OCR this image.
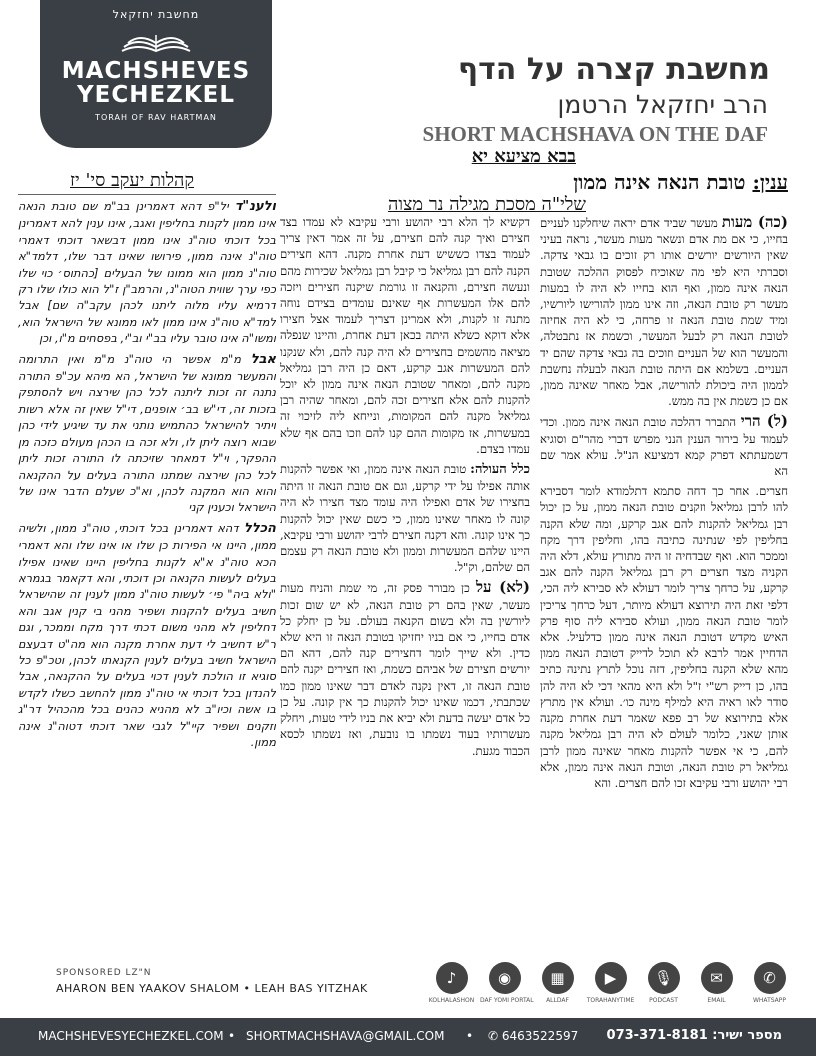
מחשבת יחזקאל
MACHSHEVES
YECHEZKEL
TORAH OF RAV HARTMAN
מחשבת קצרה על הדף
הרב יחזקאל הרטמן
SHORT MACHSHAVA ON THE DAF
בבא מציעא יא
ענין: טובת הנאה אינה ממון
שלי"ה מסכת מגילה נר מצוה
קהלות יעקב סי' יז

(כה) מעות מעשר שביד אדם יראה שיחלקנו לעניים בחייו, כי אם מת אדם ונשאר מעות מעשר, נראה בעיני שאין היורשים יורשים אותו רק זוכים בו גבאי צדקה. וסברתי היא לפי מה שאוכיח לפסוק ההלכה שטובת הנאה אינה ממון, ואף הוא בחייו לא היה לו במעות מעשר רק טובת הנאה, וזה אינו ממון להורישו ליורשיו, ומיד שמת טובת הנאה זו פרחה, כי לא היה אחיזה לטובת הנאה רק לבעל המעשר, וכשמת אז נתבטלה, והמעשר הוא של העניים וזוכים בה גבאי צדקה שהם יד העניים. בשלמא אם היתה טובת הנאה לבעלה נחשבת לממון היה ביכולת להורישה, אבל מאחר שאינה ממון, אם כן כשמת אין בה ממש.

(ל) הרי התברר דהלכה טובת הנאה אינה ממון. וכדי לעמוד על בירור הענין הנני מפרש דברי מהר"ם וסוגיא דשמעתתא דפרק קמא דמציעא הנ"ל. עולא אמר שם הא

חצרים. אחר כך דחה סתמא דתלמודא לומר דסבירא להו לרבן גמליאל וזקנים טובת הנאה ממון, על כן יכול רבן גמליאל להקנות להם אגב קרקע, ומה שלא הקנה בחליפין לפי שנתינה כתיבה בהו, וחליפין דרך מקח וממכר הוא. ואף שבדחיה זו היה מתורץ עולא, דלא היה הקניה מצד חצרים רק רבן גמליאל הקנה להם אגב קרקע, על כרחך צריך לומר דעולא לא סבירא ליה הכי, דלפי זאת היה תירוצא דעולא מיותר, דעל כרחך צריכין לומר טובת הנאה ממון, ועולא סבירא ליה סוף פרק האיש מקדש דטובת הנאה אינה ממון כדלעיל. אלא הדחיין אמר לרבא לא תוכל לדייק דטובת הנאה ממון מהא שלא הקנה בחליפין, דזה נוכל לתרץ נתינה כתיב בהו, כן דייק רש"י ז"ל ולא היא מהאי דכי לא היה להן סודר לאו ראיה היא למילף מינה כו׳. ועולא אין מתרץ אלא בתירוצא של רב פפא שאמר דעת אחרת מקנה אותן שאני, כלומר לעולם לא היה רבן גמליאל מקנה להם, כי אי אפשר להקנות מאחר שאינה ממון לרבן גמליאל רק טובת הנאה, וטובת הנאה אינה ממון, אלא רבי יהושע ורבי עקיבא זכו להם חצרים. והא

דקשיא לך הלא רבי יהושע ורבי עקיבא לא עמדו בצד חצירם ואיך קנה להם חצירם, על זה אמר דאין צריך לעמוד בצדו כששיש דעת אחרת מקנה. דהא חצירים הקנה להם רבן גמליאל כי קיבל רבן גמליאל שכירות מהם ונעשה חצירם, והקנאה זו גורמת שיקנה חצירים ויזכה להם אלו המעשרות אף שאינם עומדים בצידם נוחה מתנה זו לקנות, ולא אמרינן דצריך לעמוד אצל חצירו אלא דוקא כשלא היתה בכאן דעת אחרת, והיינו שנפלה מציאה מהשמים בחצירים לא היה קנה להם, ולא שנקנו להם המעשרות אגב קרקע, דאם כן היה רבן גמליאל מקנה להם, ומאחר שטובת הנאה אינה ממון לא יוכל להקנות להם אלא חצירים זכה להם, ומאחר שהיה רבן גמליאל מקנה להם המקומות, ונייחא ליה לזיכוי זה במעשרות, אז מקומות ההם קנו להם וזכו בהם אף שלא עמדו בצדם.

כלל העולה: טובת הנאה אינה ממון, ואי אפשר להקנות אותה אפילו על ידי קרקע, וגם אם טובת הנאה זו היתה בחצירו של אדם ואפילו היה עומד מצד חצירו לא היה קונה לו מאחר שאינו ממון, כי כשם שאין יכול להקנות כך אינו קונה. והא דקנה חצירם לרבי יהושע ורבי עקיבא, היינו שלהם המעשרות וממון ולא טובת הנאה רק עצמם הם שלהם, וק"ל.

(לא) על כן מבורר פסק זה, מי שמת והניח מעות מעשר, שאין בהם רק טובת הנאה, לא יש שום זכות ליורשין בה ולא בשום הקנאה בעולם. על כן יחלק כל אדם בחייו, כי אם בניו יחזיקו בטובת הנאה זו היא שלא כדין. ולא שייך לומר דחצירים קנה להם, דהא הם יורשים חצירם של אביהם כשמת, ואז חצירים יקנה להם טובת הנאה זו, דאין נקנה לאדם דבר שאינו ממון כמו שכתבתי, דכמו שאינו יכול להקנות כך אין קונה. על כן כל אדם יעשה בדעת ולא יביא את בניו לידי טעות, ויחלק מעשרותיו בעוד נשמתו בו נובעת, ואז נשמתו לכסא הכבוד מגעת.

ולענ"ד יל"פ דהא דאמרינן בב"מ שם טובת הנאה אינו ממון לקנות בחליפין ואגב, אינו ענין להא דאמרינן בכל דוכתי טוה"נ אינו ממון דבשאר דוכתי דאמרי טוה"נ אינה ממון, פירושו שאינו דבר שלו, דלמד"א טוה"נ ממון הוא ממונו של הבעלים [כהתוס׳ כוי שלו כפי ערך שווית הטוה"נ, והרמב"ן ז"ל הוא כולו שלו רק דרמיא עליו מלוה ליתנו לכהן עקב"ה שם] אבל למד"א טוה"נ אינו ממון לאו ממונא של הישראל הוא, ומשו"ה אינו טובר עליו בב"י וב"י, בפסחים מ"ו, וכן

אבל מ"מ אפשר הי טוה"נ מ"מ ואין התרומה והמעשר ממונא של הישראל, הא מיהא עכ"פ התורה נתנה זה זכות ליתנה לכל כהן שירצה ויש להסתפק בזכות זה, די"ש בב׳ אופנים, די"ל שאין זה אלא רשות ויתיר להישראל כהתמיש נותני את עד שיגיע לידי כהן שבוא רוצה ליתן לו, ולא זכה בו הכהן מעולם כזכה מן ההפקר, וי"ל דמאחר שזיכתה לו התורה זכות ליתן לכל כהן שירצה שמתנו התורה בעלים על ההקנאה והוא הוא המקנה לכהן, וא"כ שעלם הדבר אינו של הישראל וכענין קני

הכלל דהא דאמרינן בכל דוכתי, טוה"נ ממון, ולשיה ממון, היינו אי הפירות כן שלו או אינו שלו והא דאמרי הכא טוה"נ א"א לקנות בחליפין היינו שאינו אפילו בעלים לעשות הקנאה וכן דוכתי, והא דקאמר בגמרא "ולא ביה" פי׳ לעשות טוה"נ ממון לענין זה שהישראל חשיב בעלים להקנות ושפיר מהני בי קנין אגב והא דחליפין לא מהני משום דכתי דרך מקח וממכר, וגם ר"ש דחשיב לי דעת אחרת מקנה הוא מה"ט דבעצם הישראל חשיב בעלים לענין הקנאתו לכהן, וטכ"פ כל סוגיא זו הולכת לענין דכוי בעלים על ההקנאה, אבל להנדון בכל דוכתי אי טוה"נ ממון להחשב כשלו לקדש בו אשה וכיו"ב לא מהניא כהנים בכל מהכהיל דר"ג וזקנים ושפיר קיי"ל לגבי שאר דוכתי דטוה"נ אינה ממון.

SPONSORED LZ"N
AHARON BEN YAAKOV SHALOM • LEAH BAS YITZHAK
✆
WHATSAPP
✉
EMAIL
🎙
PODCAST
▶
TORAHANYTIME
▦
ALLDAF
◉
DAF YOMI PORTAL
♪
KOLHALASHON
MACHSHEVESYECHEZKEL.COM • SHORTMACHSHAVA@GMAIL.COM • ✆ 6463522597 מספר ישיר: 073-371-8181
